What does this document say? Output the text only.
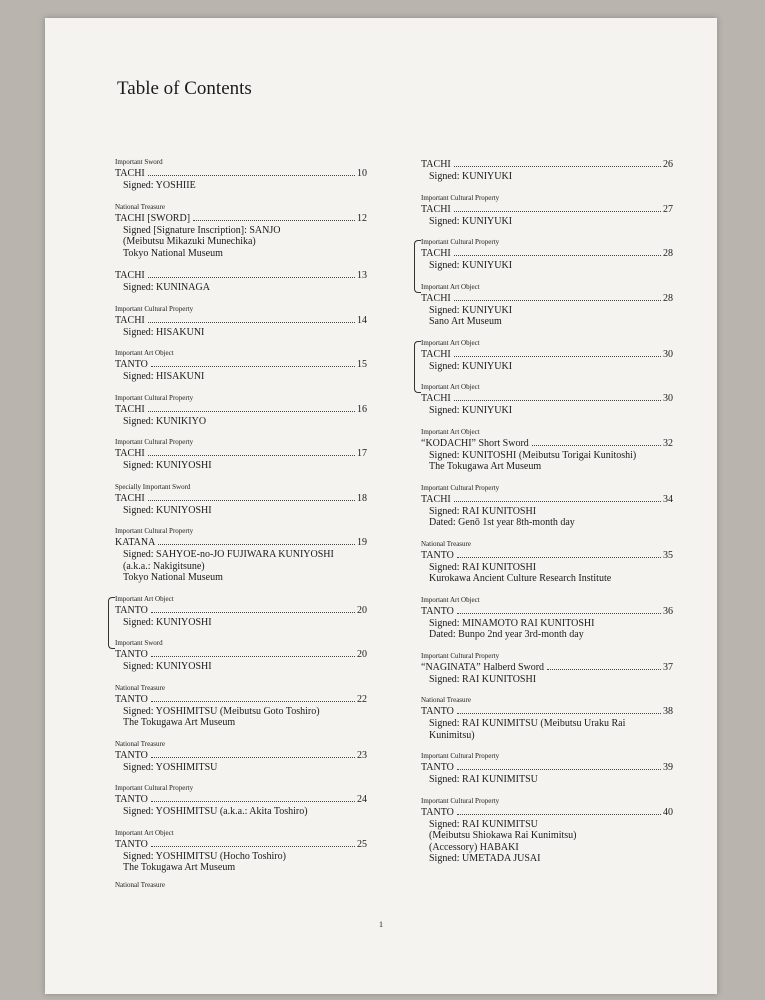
Table of Contents
Important Sword
TACHI	10
Signed: YOSHIIE
National Treasure
TACHI [SWORD]	12
Signed [Signature Inscription]: SANJO
(Meibutsu Mikazuki Munechika)
Tokyo National Museum
TACHI	13
Signed: KUNINAGA
Important Cultural Property
TACHI	14
Signed: HISAKUNI
Important Art Object
TANTO	15
Signed: HISAKUNI
Important Cultural Property
TACHI	16
Signed: KUNIKIYO
Important Cultural Property
TACHI	17
Signed: KUNIYOSHI
Specially Important Sword
TACHI	18
Signed: KUNIYOSHI
Important Cultural Property
KATANA	19
Signed: SAHYOE-no-JO FUJIWARA KUNIYOSHI
(a.k.a.: Nakigitsune)
Tokyo National Museum
Important Art Object
TANTO	20
Signed: KUNIYOSHI
Important Sword
TANTO	20
Signed: KUNIYOSHI
National Treasure
TANTO	22
Signed: YOSHIMITSU (Meibutsu Goto Toshiro)
The Tokugawa Art Museum
National Treasure
TANTO	23
Signed: YOSHIMITSU
Important Cultural Property
TANTO	24
Signed: YOSHIMITSU (a.k.a.: Akita Toshiro)
Important Art Object
TANTO	25
Signed: YOSHIMITSU (Hocho Toshiro)
The Tokugawa Art Museum
National Treasure
TACHI	26
Signed: KUNIYUKI
Important Cultural Property
TACHI	27
Signed: KUNIYUKI
Important Cultural Property
TACHI	28
Signed: KUNIYUKI
Important Art Object
TACHI	28
Signed: KUNIYUKI
Sano Art Museum
Important Art Object
TACHI	30
Signed: KUNIYUKI
Important Art Object
TACHI	30
Signed: KUNIYUKI
Important Art Object
“KODACHI” Short Sword	32
Signed: KUNITOSHI (Meibutsu Torigai Kunitoshi)
The Tokugawa Art Museum
Important Cultural Property
TACHI	34
Signed: RAI KUNITOSHI
Dated: Genō 1st year 8th-month day
National Treasure
TANTO	35
Signed: RAI KUNITOSHI
Kurokawa Ancient Culture Research Institute
Important Art Object
TANTO	36
Signed: MINAMOTO RAI KUNITOSHI
Dated: Bunpo 2nd year 3rd-month day
Important Cultural Property
“NAGINATA” Halberd Sword	37
Signed: RAI KUNITOSHI
National Treasure
TANTO	38
Signed: RAI KUNIMITSU (Meibutsu Uraku Rai Kunimitsu)
Important Cultural Property
TANTO	39
Signed: RAI KUNIMITSU
Important Cultural Property
TANTO	40
Signed: RAI KUNIMITSU
(Meibutsu Shiokawa Rai Kunimitsu)
(Accessory) HABAKI
Signed: UMETADA JUSAI
1
